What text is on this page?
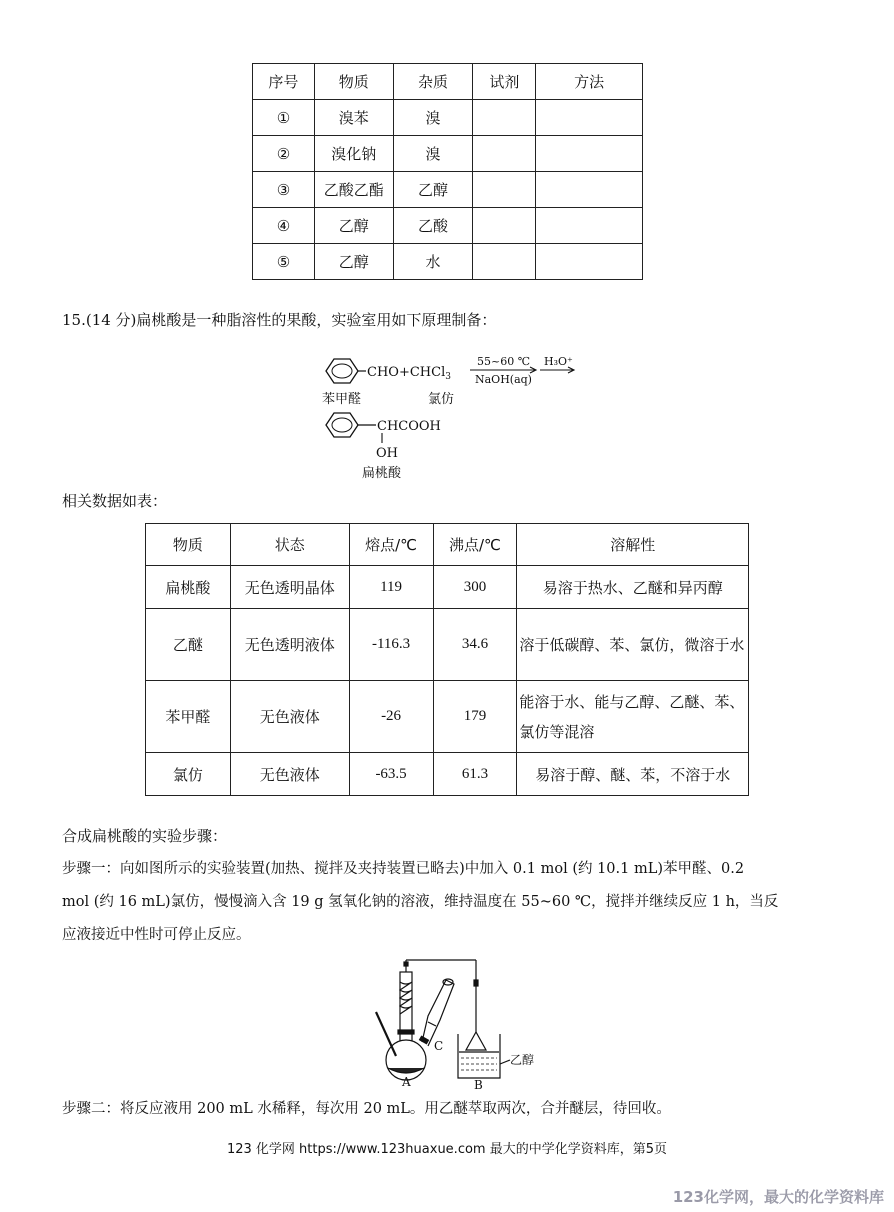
序号	物质	杂质	试剂	方法
①	溴苯	溴		
②	溴化钠	溴		
③	乙酸乙酯	乙醇		
④	乙醇	乙酸		
⑤	乙醇	水		
15.(14 分)扁桃酸是一种脂溶性的果酸，实验室用如下原理制备：
CHO+CHCl$_3$
55~60 ℃
NaOH(aq)
H₃O⁺
苯甲醛	氯仿
CHCOOH
OH
扁桃酸
相关数据如表：
物质	状态	熔点/℃	沸点/℃	溶解性
扁桃酸	无色透明晶体	119	300	易溶于热水、乙醚和异丙醇
乙醚	无色透明液体	-116.3	34.6	溶于低碳醇、苯、氯仿，微溶于水
苯甲醛	无色液体	-26	179	能溶于水、能与乙醇、乙醚、苯、氯仿等混溶
氯仿	无色液体	-63.5	61.3	易溶于醇、醚、苯，不溶于水
合成扁桃酸的实验步骤：
步骤一：向如图所示的实验装置(加热、搅拌及夹持装置已略去)中加入 0.1 mol (约 10.1 mL)苯甲醛、0.2
mol (约 16 mL)氯仿，慢慢滴入含 19 g 氢氧化钠的溶液，维持温度在 55~60 ℃，搅拌并继续反应 1 h，当反
应液接近中性时可停止反应。
A	B
C
乙醇
步骤二：将反应液用 200 mL 水稀释，每次用 20 mL。用乙醚萃取两次，合并醚层，待回收。
123 化学网 https://www.123huaxue.com 最大的中学化学资料库，第5页
123化学网，最大的化学资料库
